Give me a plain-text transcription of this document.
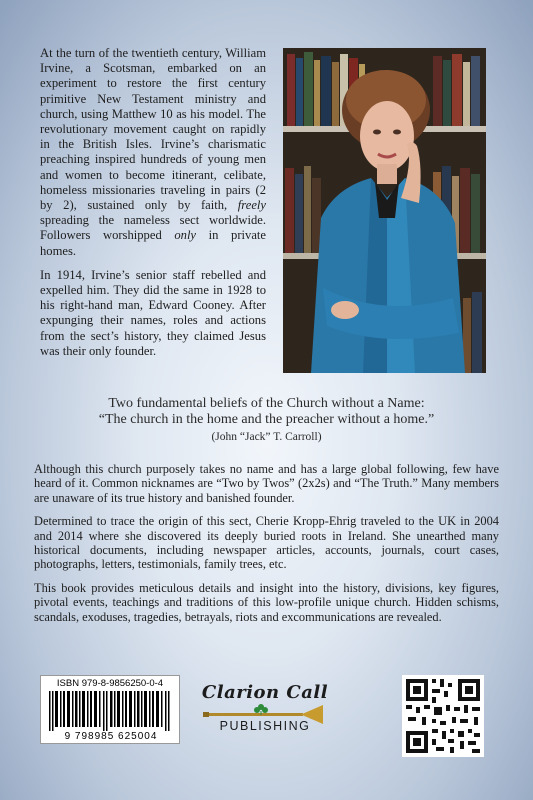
At the turn of the twentieth century, William Irvine, a Scotsman, embarked on an experiment to restore the first century primitive New Testament ministry and church, using Matthew 10 as his model. The revolutionary movement caught on rapidly in the British Isles. Irvine’s charismatic preaching inspired hundreds of young men and women to become itinerant, celibate, homeless missionaries traveling in pairs (2 by 2), sustained only by faith, freely spreading the nameless sect worldwide. Followers worshipped only in private homes.

In 1914, Irvine’s senior staff rebelled and expelled him. They did the same in 1928 to his right-hand man, Edward Cooney. After expunging their names, roles and actions from the sect’s history, they claimed Jesus was their only founder.

Two fundamental beliefs of the Church without a Name:
“The church in the home and the preacher without a home.”
(John “Jack” T. Carroll)

Although this church purposely takes no name and has a large global following, few have heard of it. Common nicknames are “Two by Twos” (2x2s) and “The Truth.” Many members are unaware of its true history and banished founder.

Determined to trace the origin of this sect, Cherie Kropp-Ehrig traveled to the UK in 2004 and 2014 where she discovered its deeply buried roots in Ireland. She unearthed many historical documents, including newspaper articles, accounts, journals, court cases, photographs, letters, testimonials, family trees, etc.

This book provides meticulous details and insight into the history, divisions, key figures, pivotal events, teachings and traditions of this low-profile unique church. Hidden schisms, scandals, exoduses, tragedies, betrayals, riots and excommunications are revealed.

ISBN 979-8-9856250-0-4
9 798985 625004
Clarion Call
PUBLISHING
